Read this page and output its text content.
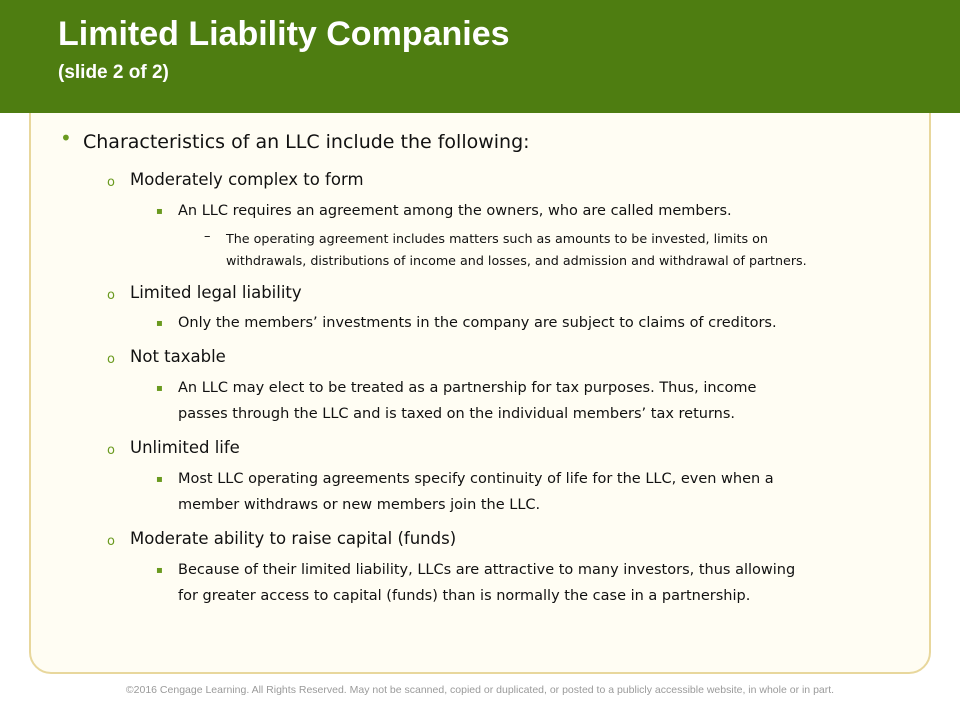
Limited Liability Companies
(slide 2 of 2)
• Characteristics of an LLC include the following:
o Moderately complex to form
▪ An LLC requires an agreement among the owners, who are called members.
– The operating agreement includes matters such as amounts to be invested, limits on
withdrawals, distributions of income and losses, and admission and withdrawal of partners.
o Limited legal liability
▪ Only the members’ investments in the company are subject to claims of creditors.
o Not taxable
▪ An LLC may elect to be treated as a partnership for tax purposes. Thus, income
passes through the LLC and is taxed on the individual members’ tax returns.
o Unlimited life
▪ Most LLC operating agreements specify continuity of life for the LLC, even when a
member withdraws or new members join the LLC.
o Moderate ability to raise capital (funds)
▪ Because of their limited liability, LLCs are attractive to many investors, thus allowing
for greater access to capital (funds) than is normally the case in a partnership.
©2016 Cengage Learning. All Rights Reserved. May not be scanned, copied or duplicated, or posted to a publicly accessible website, in whole or in part.
